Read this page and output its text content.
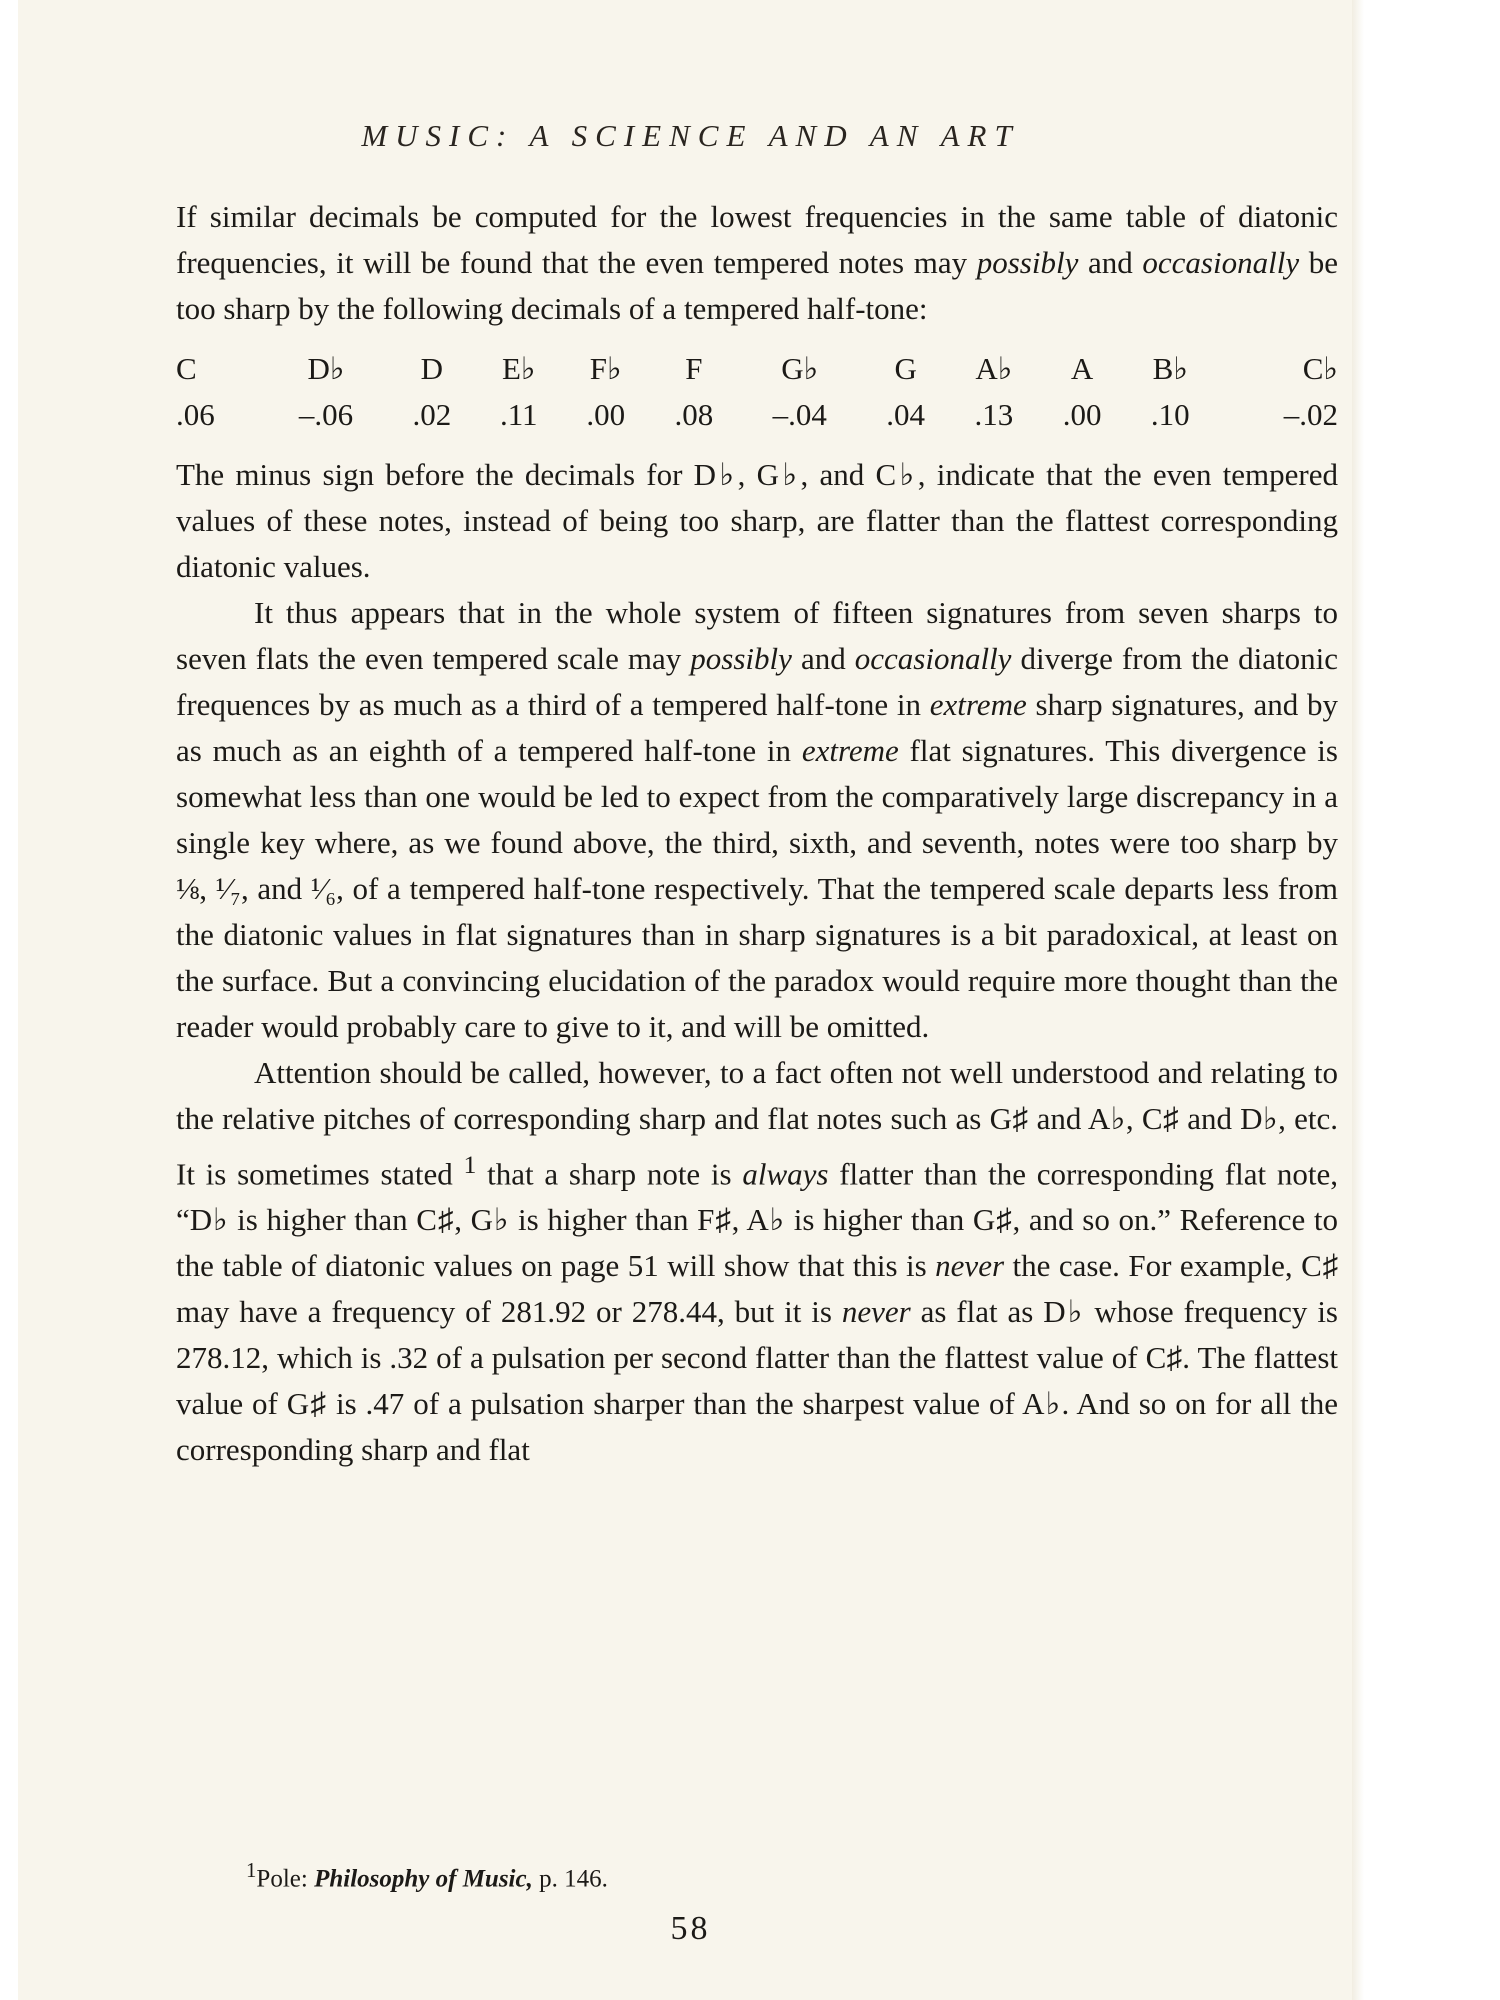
MUSIC: A SCIENCE AND AN ART

If similar decimals be computed for the lowest frequencies in the same table of diatonic frequencies, it will be found that the even tempered notes may possibly and occasionally be too sharp by the following decimals of a tempered half-tone:

C	D♭	D	E♭	F♭	F	G♭	G	A♭	A	B♭	C♭
.06	–.06	.02	.11	.00	.08	–.04	.04	.13	.00	.10	–.02

The minus sign before the decimals for D♭, G♭, and C♭, indicate that the even tempered values of these notes, instead of being too sharp, are flatter than the flattest corresponding diatonic values.

It thus appears that in the whole system of fifteen signatures from seven sharps to seven flats the even tempered scale may possibly and occasionally diverge from the diatonic frequences by as much as a third of a tempered half-tone in extreme sharp signatures, and by as much as an eighth of a tempered half-tone in extreme flat signatures. This divergence is somewhat less than one would be led to expect from the comparatively large discrepancy in a single key where, as we found above, the third, sixth, and seventh, notes were too sharp by ⅛, ¹⁄₇, and ¹⁄₆, of a tempered half-tone respectively. That the tempered scale departs less from the diatonic values in flat signatures than in sharp signatures is a bit paradoxical, at least on the surface. But a convincing elucidation of the paradox would require more thought than the reader would probably care to give to it, and will be omitted.

Attention should be called, however, to a fact often not well understood and relating to the relative pitches of corresponding sharp and flat notes such as G♯ and A♭, C♯ and D♭, etc. It is sometimes stated $^1$ that a sharp note is always flatter than the corresponding flat note, “D♭ is higher than C♯, G♭ is higher than F♯, A♭ is higher than G♯, and so on.” Reference to the table of diatonic values on page 51 will show that this is never the case. For example, C♯ may have a frequency of 281.92 or 278.44, but it is never as flat as D♭ whose frequency is 278.12, which is .32 of a pulsation per second flatter than the flattest value of C♯. The flattest value of G♯ is .47 of a pulsation sharper than the sharpest value of A♭. And so on for all the corresponding sharp and flat

$^1$Pole: Philosophy of Music, p. 146.
58
